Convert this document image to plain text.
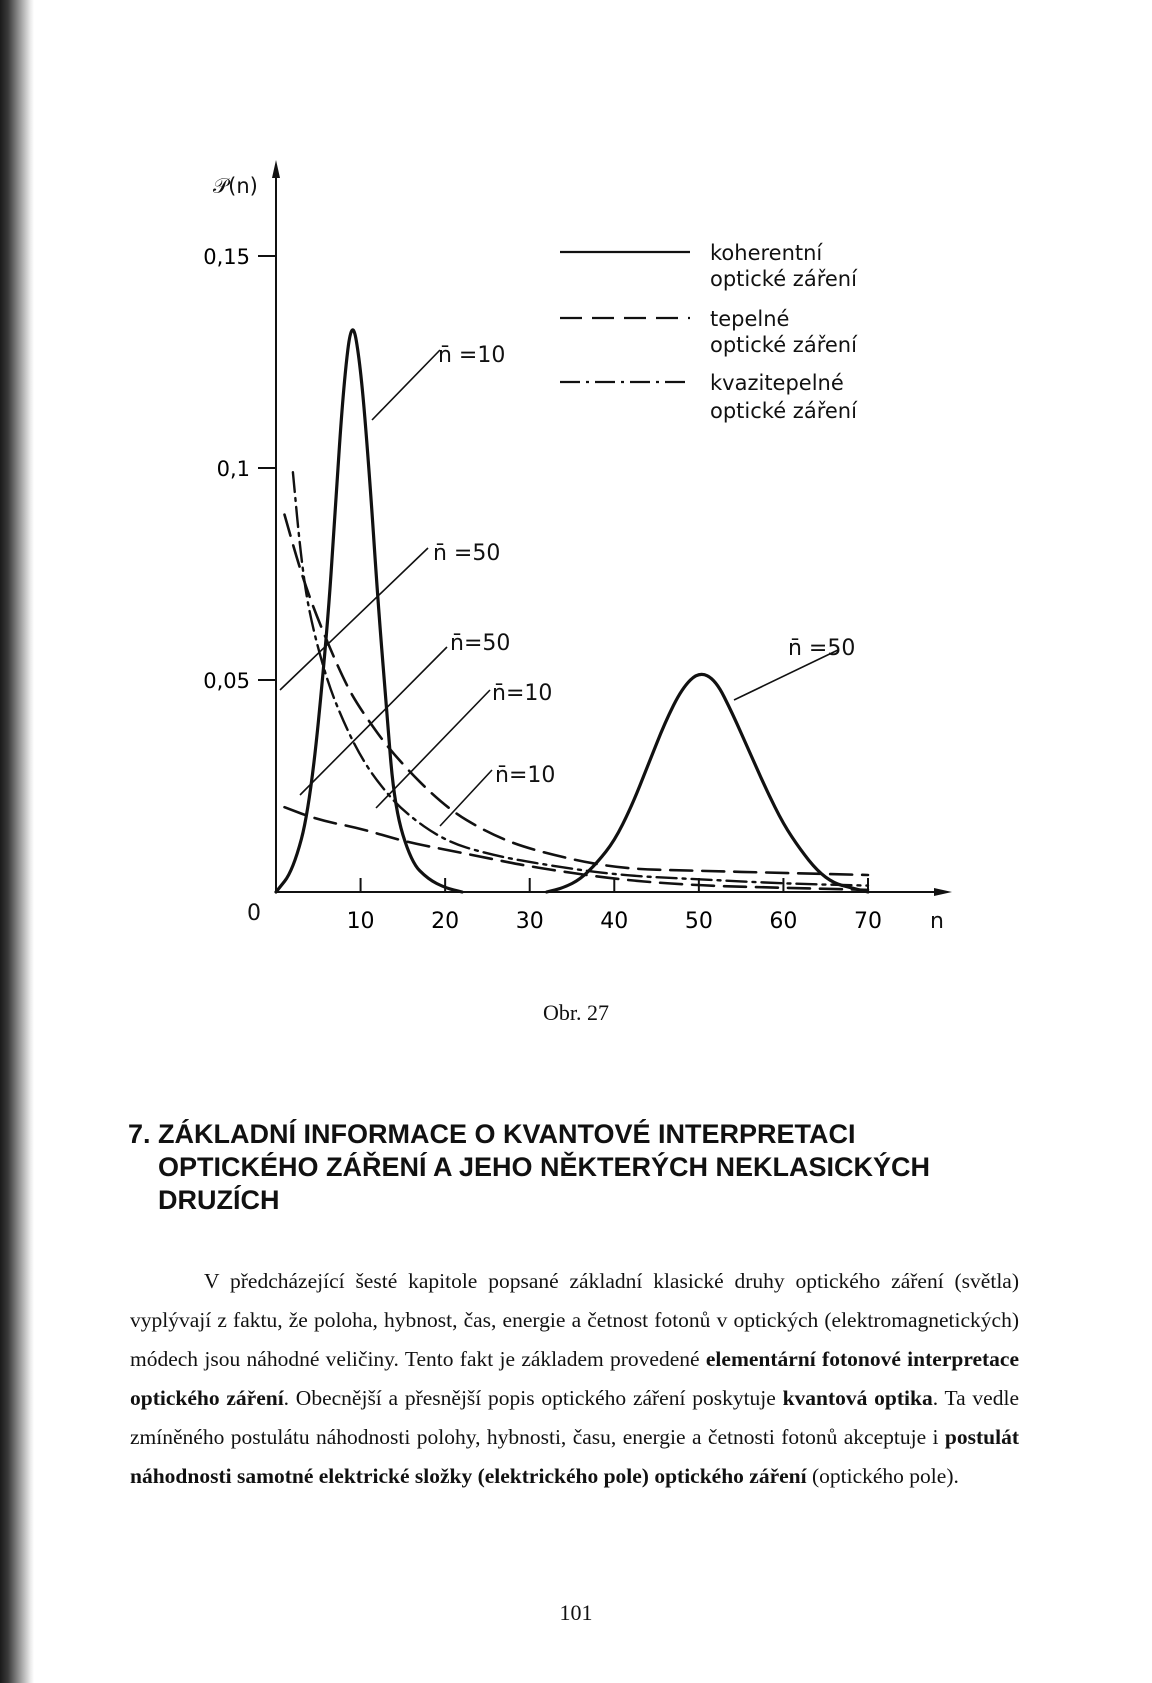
10	20	30	40	50	60	70
0,15
0,1
0,05
𝒫(n)
n
0
n̄ =10
n̄ =50
n̄=50
n̄=10
n̄=10
n̄ =50
koherentní
optické záření
tepelné
optické záření
kvazitepelné
optické záření
Obr. 27
7. ZÁKLADNÍ INFORMACE O KVANTOVÉ INTERPRETACI
OPTICKÉHO ZÁŘENÍ A JEHO NĚKTERÝCH NEKLASICKÝCH
DRUZÍCH

V předcházející šesté kapitole popsané základní klasické druhy optického záření (světla) vyplývají z faktu, že poloha, hybnost, čas, energie a četnost fotonů v optických (elektromagnetických) módech jsou náhodné veličiny. Tento fakt je základem provedené elementární fotonové interpretace optického záření. Obecnější a přesnější popis optického záření poskytuje kvantová optika. Ta vedle zmíněného postulátu náhodnosti polohy, hybnosti, času, energie a četnosti fotonů akceptuje i postulát náhodnosti samotné elektrické složky (elektrického pole) optického záření (optického pole).

101
